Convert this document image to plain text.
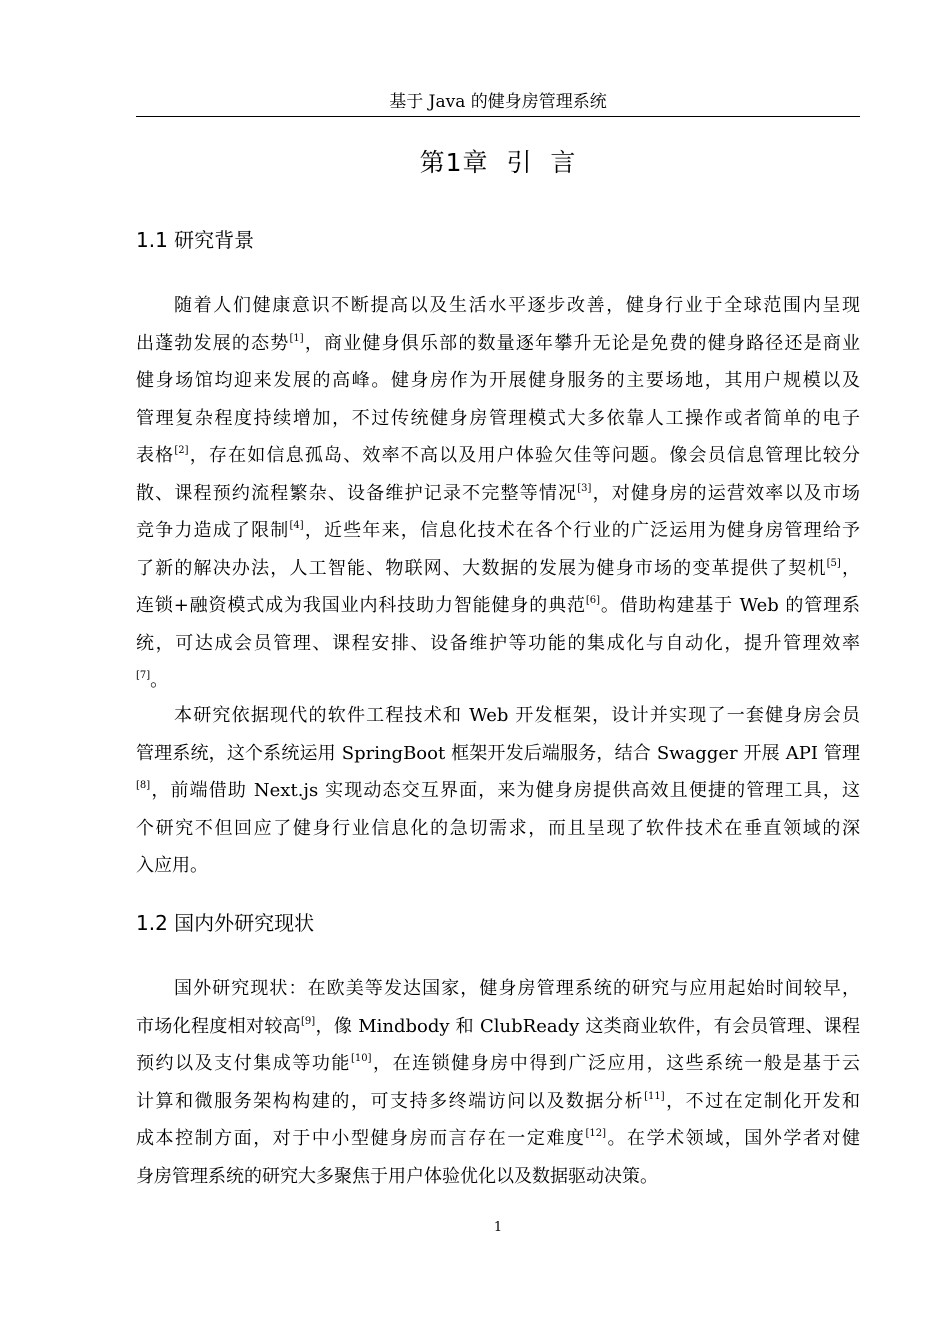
基于 Java 的健身房管理系统
第1章  引  言
1.1 研究背景
随着人们健康意识不断提高以及生活水平逐步改善，健身行业于全球范围内呈现
出蓬勃发展的态势[1]，商业健身俱乐部的数量逐年攀升无论是免费的健身路径还是商业
健身场馆均迎来发展的高峰。健身房作为开展健身服务的主要场地，其用户规模以及
管理复杂程度持续增加，不过传统健身房管理模式大多依靠人工操作或者简单的电子
表格[2]，存在如信息孤岛、效率不高以及用户体验欠佳等问题。像会员信息管理比较分
散、课程预约流程繁杂、设备维护记录不完整等情况[3]，对健身房的运营效率以及市场
竞争力造成了限制[4]，近些年来，信息化技术在各个行业的广泛运用为健身房管理给予
了新的解决办法，人工智能、物联网、大数据的发展为健身市场的变革提供了契机[5]，
连锁+融资模式成为我国业内科技助力智能健身的典范[6]。借助构建基于 Web 的管理系
统，可达成会员管理、课程安排、设备维护等功能的集成化与自动化，提升管理效率
[7]。
本研究依据现代的软件工程技术和 Web 开发框架，设计并实现了一套健身房会员
管理系统，这个系统运用 SpringBoot 框架开发后端服务，结合 Swagger 开展 API 管理
[8]，前端借助 Next.js 实现动态交互界面，来为健身房提供高效且便捷的管理工具，这
个研究不但回应了健身行业信息化的急切需求，而且呈现了软件技术在垂直领域的深
入应用。
1.2 国内外研究现状
国外研究现状：在欧美等发达国家，健身房管理系统的研究与应用起始时间较早，
市场化程度相对较高[9]，像 Mindbody 和 ClubReady 这类商业软件，有会员管理、课程
预约以及支付集成等功能[10]，在连锁健身房中得到广泛应用，这些系统一般是基于云
计算和微服务架构构建的，可支持多终端访问以及数据分析[11]，不过在定制化开发和
成本控制方面，对于中小型健身房而言存在一定难度[12]。在学术领域，国外学者对健
身房管理系统的研究大多聚焦于用户体验优化以及数据驱动决策。
1
